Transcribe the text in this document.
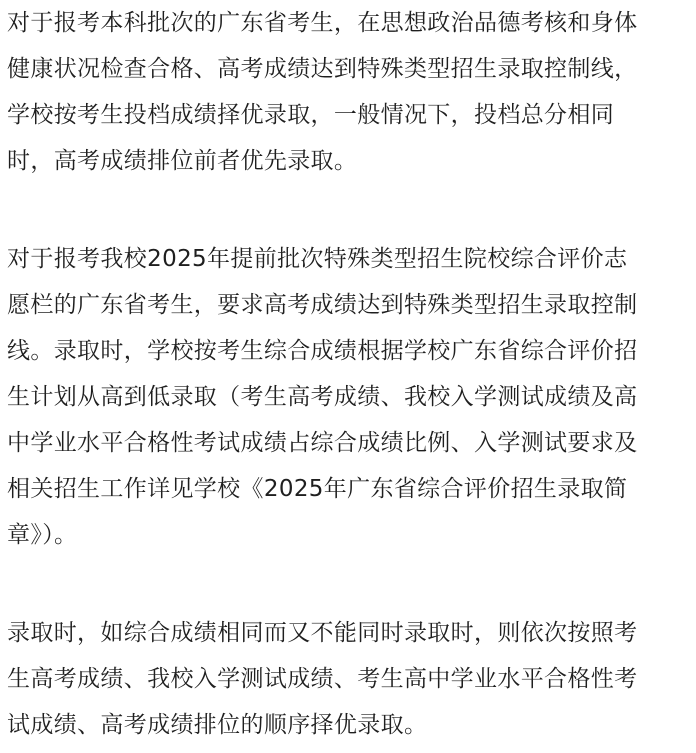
对于报考本科批次的广东省考生，在思想政治品德考核和身体
健康状况检查合格、高考成绩达到特殊类型招生录取控制线，
学校按考生投档成绩择优录取，一般情况下，投档总分相同
时，高考成绩排位前者优先录取。
对于报考我校2025年提前批次特殊类型招生院校综合评价志
愿栏的广东省考生，要求高考成绩达到特殊类型招生录取控制
线。录取时，学校按考生综合成绩根据学校广东省综合评价招
生计划从高到低录取（考生高考成绩、我校入学测试成绩及高
中学业水平合格性考试成绩占综合成绩比例、入学测试要求及
相关招生工作详见学校《2025年广东省综合评价招生录取简
章》）。
录取时，如综合成绩相同而又不能同时录取时，则依次按照考
生高考成绩、我校入学测试成绩、考生高中学业水平合格性考
试成绩、高考成绩排位的顺序择优录取。
